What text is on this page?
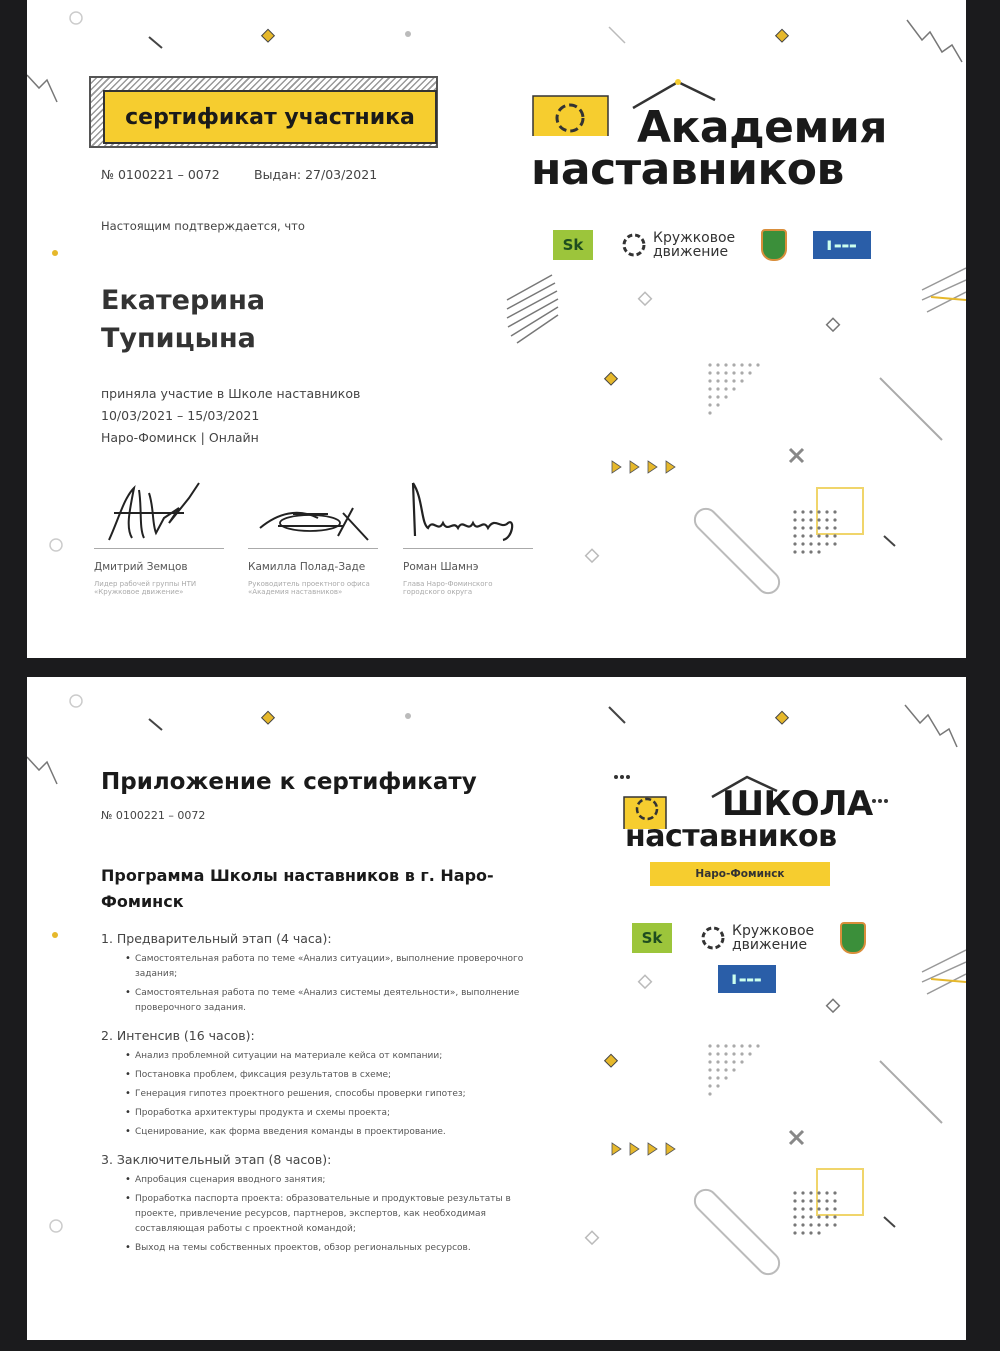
сертификат участника
№ 0100221 – 0072	Выдан: 27/03/2021
Настоящим подтверждается, что
Екатерина
Тупицына
приняла участие в Школе наставников
10/03/2021 – 15/03/2021
Наро-Фоминск | Онлайн
Дмитрий Земцов
Лидер рабочей группы НТИ «Кружковое движение»
Камилла Полад-Заде
Руководитель проектного офиса «Академия наставников»
Роман Шамнэ
Глава Наро-Фоминского городского округа
Академия
наставников
Sk	Кружковое
движение	▌▬▬▬
Приложение к сертификату
№ 0100221 – 0072
Программа Школы наставников в г. Наро-Фоминск
1. Предварительный этап (4 часа):
• Самостоятельная работа по теме «Анализ ситуации», выполнение проверочного задания;
• Самостоятельная работа по теме «Анализ системы деятельности», выполнение проверочного задания.
2. Интенсив (16 часов):
• Анализ проблемной ситуации на материале кейса от компании;
• Постановка проблем, фиксация результатов в схеме;
• Генерация гипотез проектного решения, способы проверки гипотез;
• Проработка архитектуры продукта и схемы проекта;
• Сценирование, как форма введения команды в проектирование.
3. Заключительный этап (8 часов):
• Апробация сценария вводного занятия;
• Проработка паспорта проекта: образовательные и продуктовые результаты в проекте, привлечение ресурсов, партнеров, экспертов, как необходимая составляющая работы с проектной командой;
• Выход на темы собственных проектов, обзор региональных ресурсов.
ШКОЛА
наставников
Наро-Фоминск
Sk	Кружковое
движение
▌▬▬▬
